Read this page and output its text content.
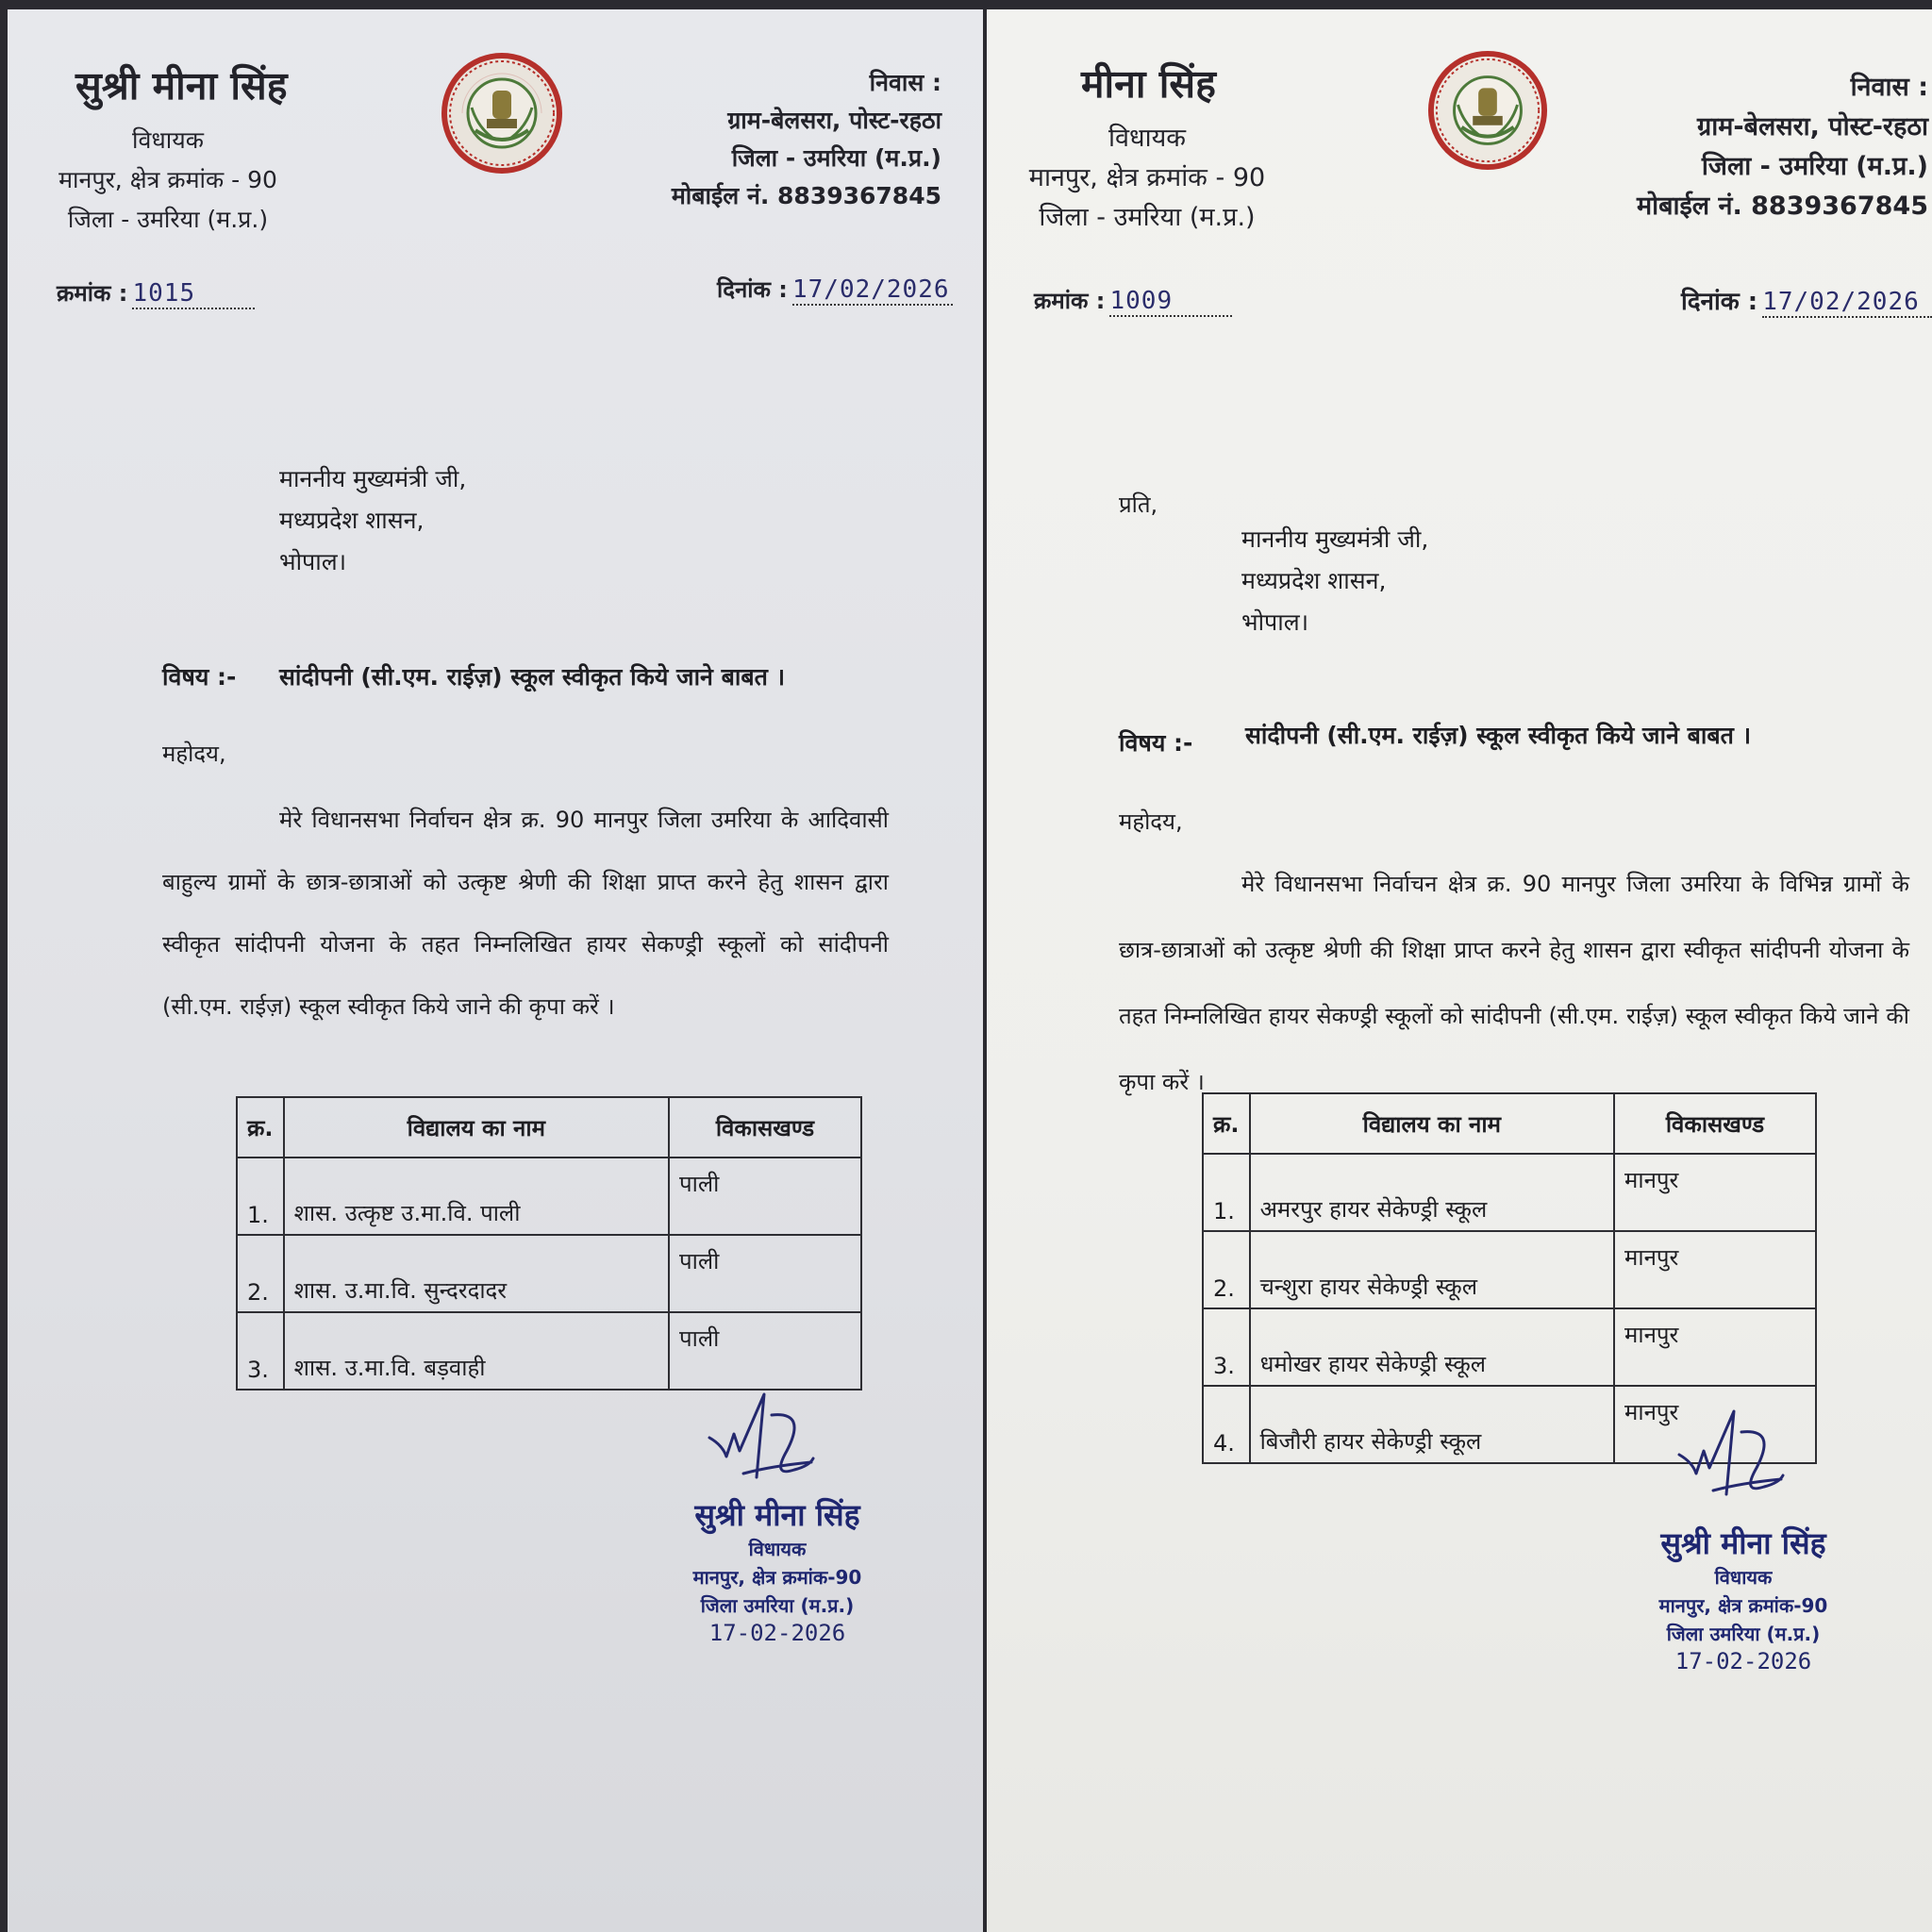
सुश्री मीना सिंह
विधायक
मानपुर, क्षेत्र क्रमांक - 90
जिला - उमरिया (म.प्र.)
निवास :
ग्राम-बेलसरा, पोस्ट-रहठा
जिला - उमरिया (म.प्र.)
मोबाईल नं. 8839367845
क्रमांक : 1015	दिनांक : 17/02/2026
माननीय मुख्यमंत्री जी,
मध्यप्रदेश शासन,
भोपाल।
विषय :- सांदीपनी (सी.एम. राईज़) स्कूल स्वीकृत किये जाने बाबत ।
महोदय,
मेरे विधानसभा निर्वाचन क्षेत्र क्र. 90 मानपुर जिला उमरिया के आदिवासी बाहुल्य ग्रामों के छात्र-छात्राओं को उत्कृष्ट श्रेणी की शिक्षा प्राप्त करने हेतु शासन द्वारा स्वीकृत सांदीपनी योजना के तहत निम्नलिखित हायर सेकण्ड्री स्कूलों को सांदीपनी (सी.एम. राईज़) स्कूल स्वीकृत किये जाने की कृपा करें ।
क्र.	विद्यालय का नाम	विकासखण्ड
1.	शास. उत्कृष्ट उ.मा.वि. पाली	पाली
2.	शास. उ.मा.वि. सुन्दरदादर	पाली
3.	शास. उ.मा.वि. बड़वाही	पाली
सुश्री मीना सिंह
विधायक
मानपुर, क्षेत्र क्रमांक-90
जिला उमरिया (म.प्र.)
17-02-2026
मीना सिंह
विधायक
मानपुर, क्षेत्र क्रमांक - 90
जिला - उमरिया (म.प्र.)
निवास :
ग्राम-बेलसरा, पोस्ट-रहठा
जिला - उमरिया (म.प्र.)
मोबाईल नं. 8839367845
क्रमांक : 1009	दिनांक : 17/02/2026
प्रति,
माननीय मुख्यमंत्री जी,
मध्यप्रदेश शासन,
भोपाल।
विषय :- सांदीपनी (सी.एम. राईज़) स्कूल स्वीकृत किये जाने बाबत ।
महोदय,
मेरे विधानसभा निर्वाचन क्षेत्र क्र. 90 मानपुर जिला उमरिया के विभिन्न ग्रामों के छात्र-छात्राओं को उत्कृष्ट श्रेणी की शिक्षा प्राप्त करने हेतु शासन द्वारा स्वीकृत सांदीपनी योजना के तहत निम्नलिखित हायर सेकण्ड्री स्कूलों को सांदीपनी (सी.एम. राईज़) स्कूल स्वीकृत किये जाने की कृपा करें ।
क्र.	विद्यालय का नाम	विकासखण्ड
1.	अमरपुर हायर सेकेण्ड्री स्कूल	मानपुर
2.	चन्शुरा हायर सेकेण्ड्री स्कूल	मानपुर
3.	धमोखर हायर सेकेण्ड्री स्कूल	मानपुर
4.	बिजौरी हायर सेकेण्ड्री स्कूल	मानपुर
सुश्री मीना सिंह
विधायक
मानपुर, क्षेत्र क्रमांक-90
जिला उमरिया (म.प्र.)
17-02-2026
